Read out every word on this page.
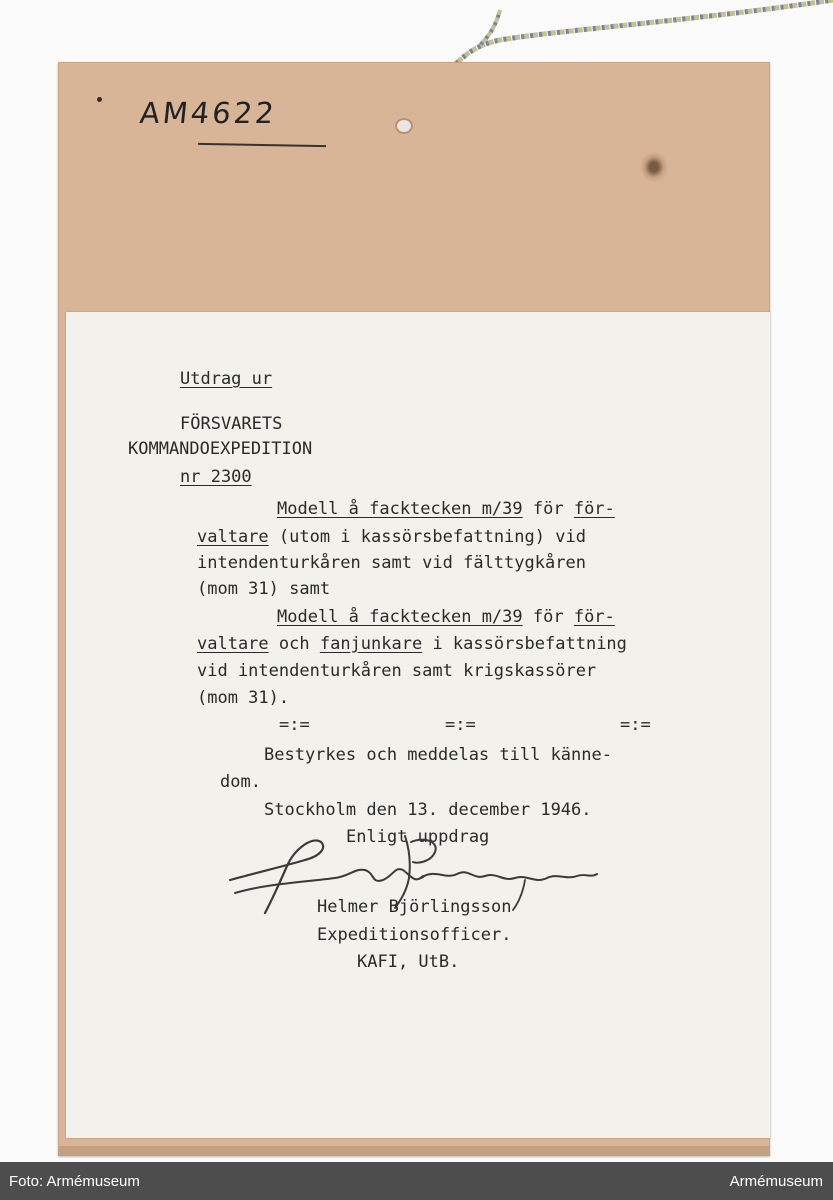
AM4622

Utdrag ur

FÖRSVARETS

KOMMANDOEXPEDITION

nr 2300

Modell å facktecken m/39 för för-

valtare (utom i kassörsbefattning) vid

intendenturkåren samt vid fälttygkåren

(mom 31) samt

Modell å facktecken m/39 för för-

valtare och fanjunkare i kassörsbefattning

vid intendenturkåren samt krigskassörer

(mom 31).

=:=	=:=	=:=

Bestyrkes och meddelas till känne-

dom.

Stockholm den 13. december 1946.

Enligt uppdrag

Helmer Björlingsson

Expeditionsofficer.

KAFI, UtB.

Foto: Armémuseum	Armémuseum
